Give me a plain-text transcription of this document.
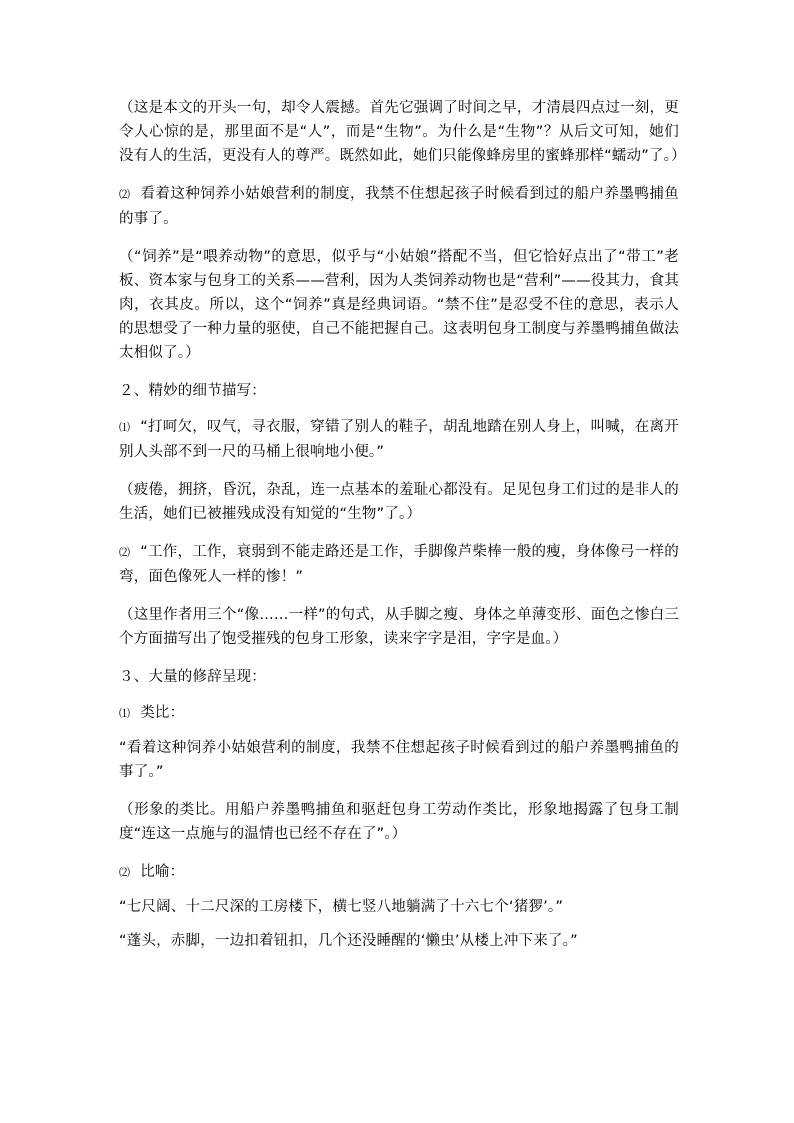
（这是本文的开头一句，却令人震撼。首先它强调了时间之早，才清晨四点过一刻，更令人心惊的是，那里面不是“人”，而是“生物”。为什么是“生物”？从后文可知，她们没有人的生活，更没有人的尊严。既然如此，她们只能像蜂房里的蜜蜂那样“蠕动”了。）

⑵ 看着这种饲养小姑娘营利的制度，我禁不住想起孩子时候看到过的船户养墨鸭捕鱼的事了。

（“饲养”是“喂养动物”的意思，似乎与“小姑娘”搭配不当，但它恰好点出了“带工”老板、资本家与包身工的关系——营利，因为人类饲养动物也是“营利”——役其力，食其肉，衣其皮。所以，这个“饲养”真是经典词语。“禁不住”是忍受不住的意思，表示人的思想受了一种力量的驱使，自己不能把握自己。这表明包身工制度与养墨鸭捕鱼做法太相似了。）

２、精妙的细节描写：

⑴ “打呵欠，叹气，寻衣服，穿错了别人的鞋子，胡乱地踏在别人身上，叫喊，在离开别人头部不到一尺的马桶上很响地小便。”

（疲倦，拥挤，昏沉，杂乱，连一点基本的羞耻心都没有。足见包身工们过的是非人的生活，她们已被摧残成没有知觉的“生物”了。）

⑵ “工作，工作，衰弱到不能走路还是工作，手脚像芦柴棒一般的瘦，身体像弓一样的弯，面色像死人一样的惨！”

（这里作者用三个“像……一样”的句式，从手脚之瘦、身体之单薄变形、面色之惨白三个方面描写出了饱受摧残的包身工形象，读来字字是泪，字字是血。）

３、大量的修辞呈现：

⑴ 类比：

“看着这种饲养小姑娘营利的制度，我禁不住想起孩子时候看到过的船户养墨鸭捕鱼的事了。”

（形象的类比。用船户养墨鸭捕鱼和驱赶包身工劳动作类比，形象地揭露了包身工制度“连这一点施与的温情也已经不存在了”。）

⑵ 比喻：

“七尺阔、十二尺深的工房楼下，横七竖八地躺满了十六七个‘猪猡’。”

“蓬头，赤脚，一边扣着钮扣，几个还没睡醒的‘懒虫’从楼上冲下来了。”
